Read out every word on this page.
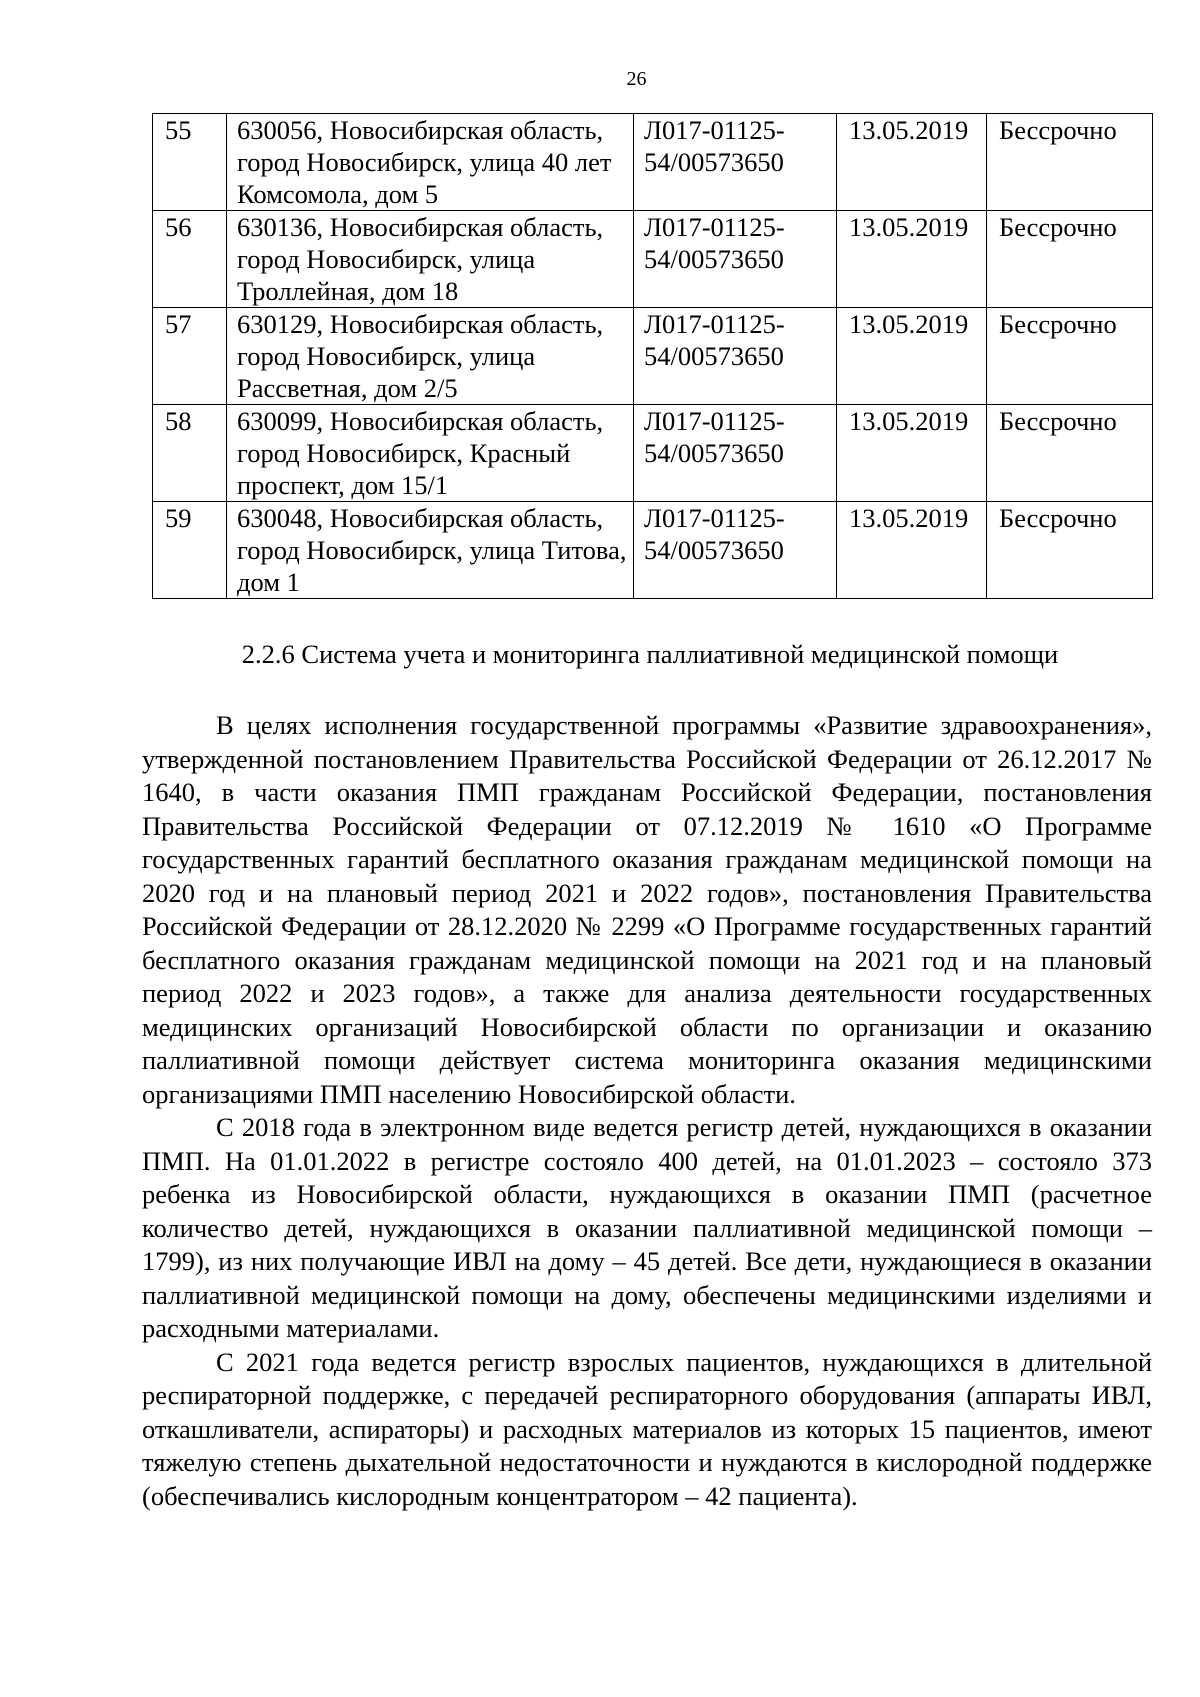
26
55	630056, Новосибирская область, город Новосибирск, улица 40 лет Комсомола, дом 5	Л017-01125-54/00573650	13.05.2019	Бессрочно
56	630136, Новосибирская область, город Новосибирск, улица Троллейная, дом 18	Л017-01125-54/00573650	13.05.2019	Бессрочно
57	630129, Новосибирская область, город Новосибирск, улица Рассветная, дом 2/5	Л017-01125-54/00573650	13.05.2019	Бессрочно
58	630099, Новосибирская область, город Новосибирск, Красный проспект, дом 15/1	Л017-01125-54/00573650	13.05.2019	Бессрочно
59	630048, Новосибирская область, город Новосибирск, улица Титова, дом 1	Л017-01125-54/00573650	13.05.2019	Бессрочно
2.2.6 Система учета и мониторинга паллиативной медицинской помощи

В целях исполнения государственной программы «Развитие здравоохранения», утвержденной постановлением Правительства Российской Федерации от 26.12.2017 № 1640, в части оказания ПМП гражданам Российской Федерации, постановления Правительства Российской Федерации от 07.12.2019 № 1610 «О Программе государственных гарантий бесплатного оказания гражданам медицинской помощи на 2020 год и на плановый период 2021 и 2022 годов», постановления Правительства Российской Федерации от 28.12.2020 № 2299 «О Программе государственных гарантий бесплатного оказания гражданам медицинской помощи на 2021 год и на плановый период 2022 и 2023 годов», а также для анализа деятельности государственных медицинских организаций Новосибирской области по организации и оказанию паллиативной помощи действует система мониторинга оказания медицинскими организациями ПМП населению Новосибирской области.

С 2018 года в электронном виде ведется регистр детей, нуждающихся в оказании ПМП. На 01.01.2022 в регистре состояло 400 детей, на 01.01.2023 – состояло 373 ребенка из Новосибирской области, нуждающихся в оказании ПМП (расчетное количество детей, нуждающихся в оказании паллиативной медицинской помощи – 1799), из них получающие ИВЛ на дому – 45 детей. Все дети, нуждающиеся в оказании паллиативной медицинской помощи на дому, обеспечены медицинскими изделиями и расходными материалами.

С 2021 года ведется регистр взрослых пациентов, нуждающихся в длительной респираторной поддержке, с передачей респираторного оборудования (аппараты ИВЛ, откашливатели, аспираторы) и расходных материалов из которых 15 пациентов, имеют тяжелую степень дыхательной недостаточности и нуждаются в кислородной поддержке (обеспечивались кислородным концентратором – 42 пациента).
